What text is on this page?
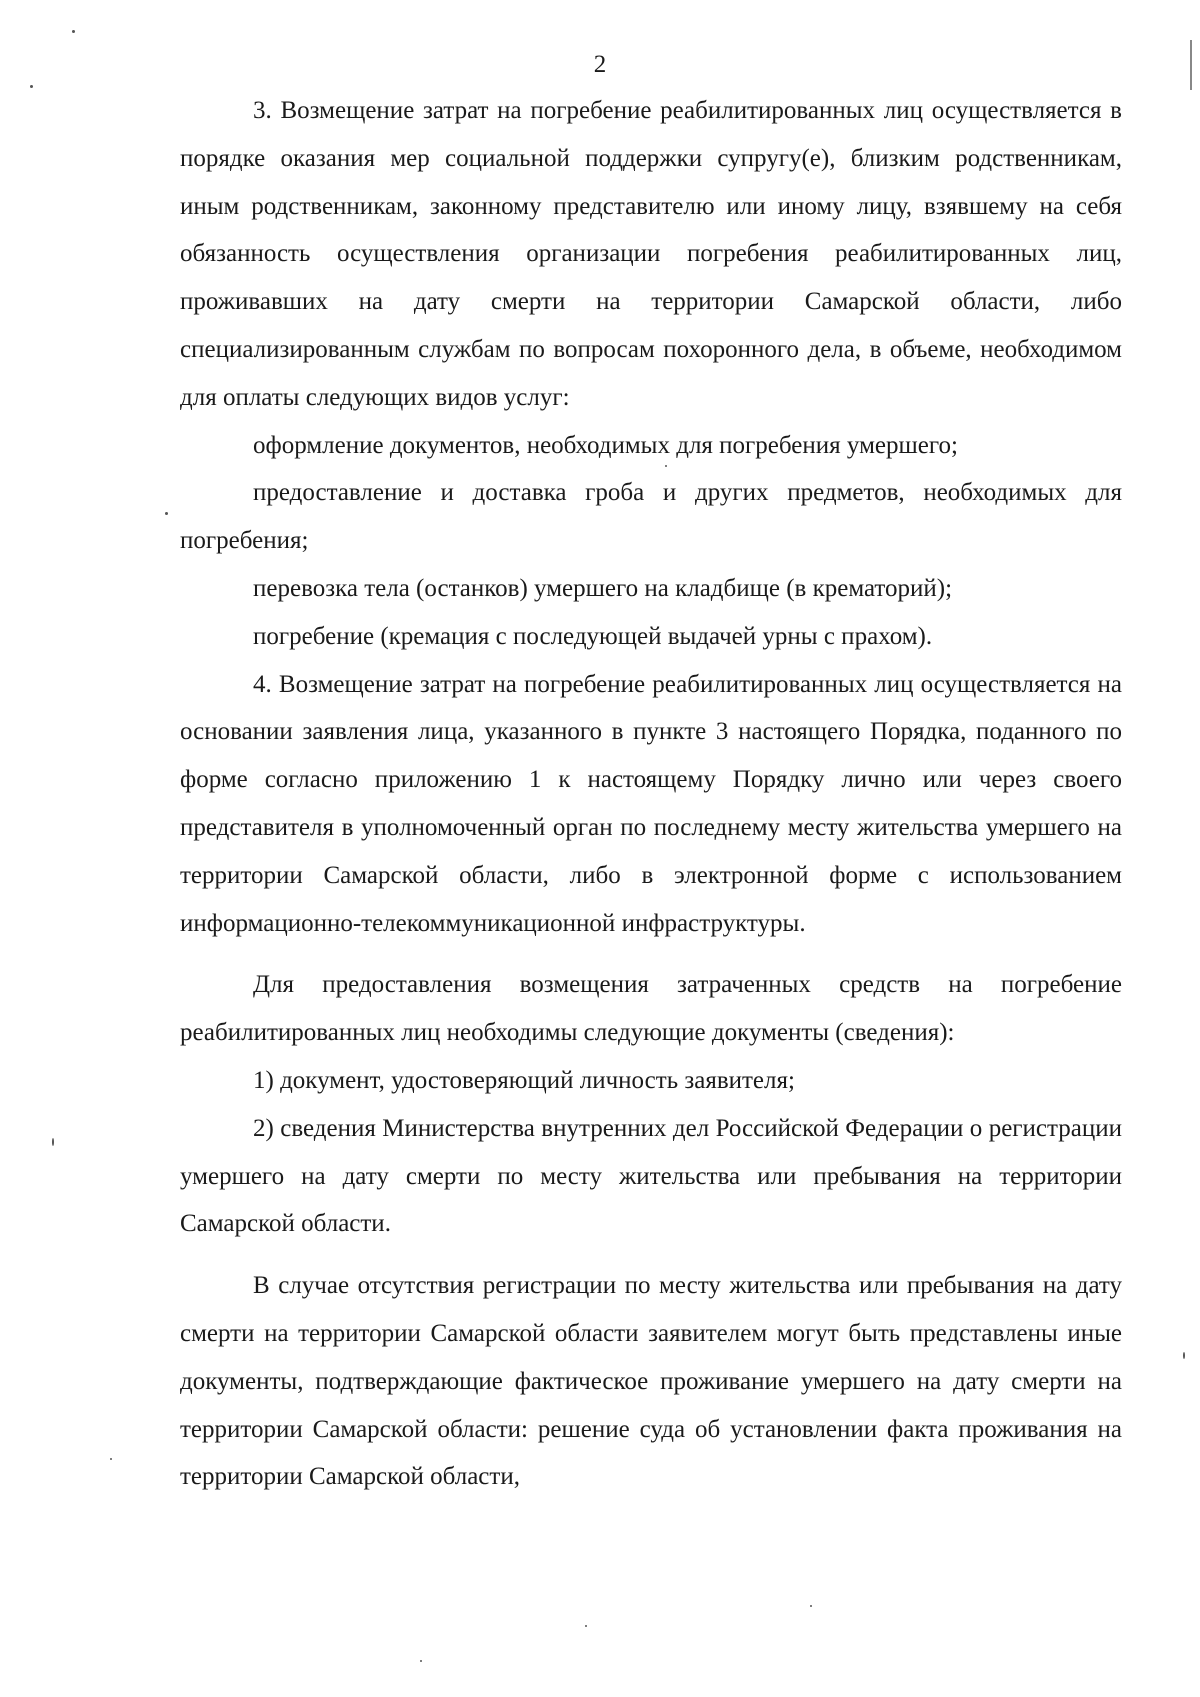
2

3. Возмещение затрат на погребение реабилитированных лиц осуществляется в порядке оказания мер социальной поддержки супругу(е), близким родственникам, иным родственникам, законному представителю или иному лицу, взявшему на себя обязанность осуществления организации погребения реабилитированных лиц, проживавших на дату смерти на территории Самарской области, либо специализированным службам по вопросам похоронного дела, в объеме, необходимом для оплаты следующих видов услуг:

оформление документов, необходимых для погребения умершего;

предоставление и доставка гроба и других предметов, необходимых для погребения;

перевозка тела (останков) умершего на кладбище (в крематорий);

погребение (кремация с последующей выдачей урны с прахом).

4. Возмещение затрат на погребение реабилитированных лиц осуществляется на основании заявления лица, указанного в пункте 3 настоящего Порядка, поданного по форме согласно приложению 1 к настоящему Порядку лично или через своего представителя в уполномоченный орган по последнему месту жительства умершего на территории Самарской области, либо в электронной форме с использованием информационно-телекоммуникационной инфраструктуры.

Для предоставления возмещения затраченных средств на погребение реабилитированных лиц необходимы следующие документы (сведения):

1) документ, удостоверяющий личность заявителя;

2) сведения Министерства внутренних дел Российской Федерации о регистрации умершего на дату смерти по месту жительства или пребывания на территории Самарской области.

В случае отсутствия регистрации по месту жительства или пребывания на дату смерти на территории Самарской области заявителем могут быть представлены иные документы, подтверждающие фактическое проживание умершего на дату смерти на территории Самарской области: решение суда об установлении факта проживания на территории Самарской области,
